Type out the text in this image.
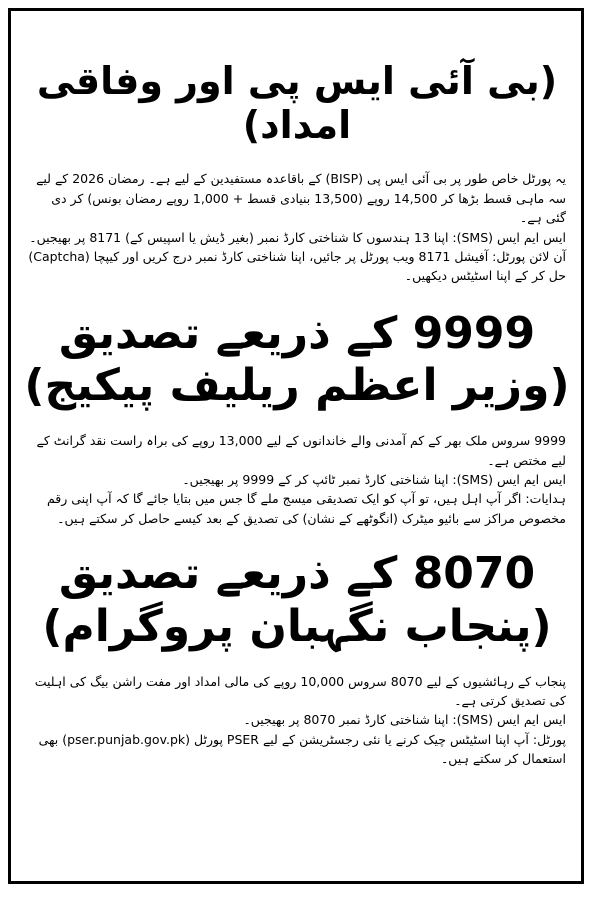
(بی آئی ایس پی اور وفاقی امداد)

یہ پورٹل خاص طور پر بی آئی ایس پی (BISP) کے باقاعدہ مستفیدین کے لیے ہے۔ رمضان 2026 کے لیے سہ ماہی قسط بڑھا کر 14,500 روپے (13,500 بنیادی قسط + 1,000 روپے رمضان بونس) کر دی گئی ہے۔

ایس ایم ایس (SMS): اپنا 13 ہندسوں کا شناختی کارڈ نمبر (بغیر ڈیش یا اسپیس کے) 8171 پر بھیجیں۔

آن لائن پورٹل: آفیشل 8171 ویب پورٹل پر جائیں، اپنا شناختی کارڈ نمبر درج کریں اور کیپچا (Captcha) حل کر کے اپنا اسٹیٹس دیکھیں۔

9999 کے ذریعے تصدیق (وزیر اعظم ریلیف پیکیج)

9999 سروس ملک بھر کے کم آمدنی والے خاندانوں کے لیے 13,000 روپے کی براہ راست نقد گرانٹ کے لیے مختص ہے۔

ایس ایم ایس (SMS): اپنا شناختی کارڈ نمبر ٹائپ کر کے 9999 پر بھیجیں۔

ہدایات: اگر آپ اہل ہیں، تو آپ کو ایک تصدیقی میسج ملے گا جس میں بتایا جائے گا کہ آپ اپنی رقم مخصوص مراکز سے بائیو میٹرک (انگوٹھے کے نشان) کی تصدیق کے بعد کیسے حاصل کر سکتے ہیں۔

8070 کے ذریعے تصدیق (پنجاب نگہبان پروگرام)

پنجاب کے رہائشیوں کے لیے 8070 سروس 10,000 روپے کی مالی امداد اور مفت راشن بیگ کی اہلیت کی تصدیق کرتی ہے۔

ایس ایم ایس (SMS): اپنا شناختی کارڈ نمبر 8070 پر بھیجیں۔

پورٹل: آپ اپنا اسٹیٹس چیک کرنے یا نئی رجسٹریشن کے لیے PSER پورٹل (pser.punjab.gov.pk) بھی استعمال کر سکتے ہیں۔
